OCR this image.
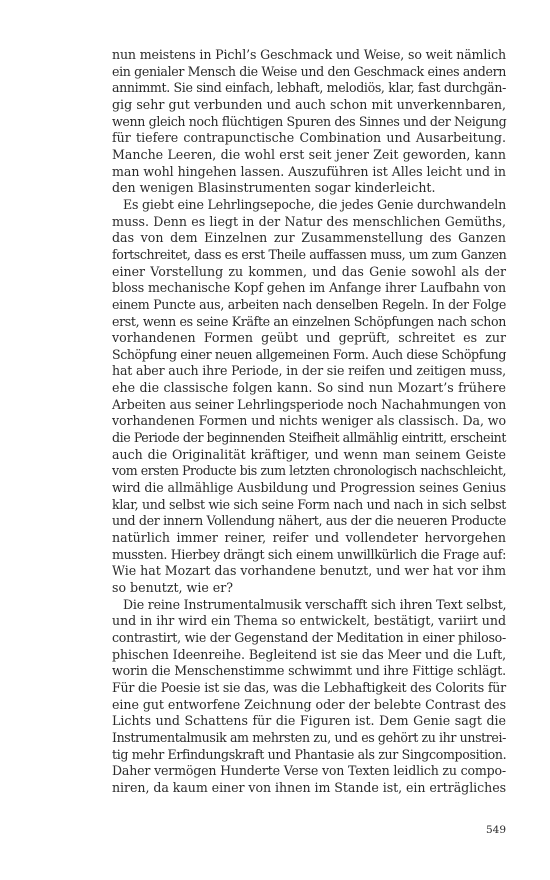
nun meistens in Pichl’s Geschmack und Weise, so weit nämlich
ein genialer Mensch die Weise und den Geschmack eines andern
annimmt. Sie sind einfach, lebhaft, melodiös, klar, fast durchgän-
gig sehr gut verbunden und auch schon mit unverkennbaren,
wenn gleich noch flüchtigen Spuren des Sinnes und der Neigung
für tiefere contrapunctische Combination und Ausarbeitung.
Manche Leeren, die wohl erst seit jener Zeit geworden, kann
man wohl hingehen lassen. Auszuführen ist Alles leicht und in
den wenigen Blasinstrumenten sogar kinderleicht.
Es giebt eine Lehrlingsepoche, die jedes Genie durchwandeln
muss. Denn es liegt in der Natur des menschlichen Gemüths,
das von dem Einzelnen zur Zusammenstellung des Ganzen
fortschreitet, dass es erst Theile auffassen muss, um zum Ganzen
einer Vorstellung zu kommen, und das Genie sowohl als der
bloss mechanische Kopf gehen im Anfange ihrer Laufbahn von
einem Puncte aus, arbeiten nach denselben Regeln. In der Folge
erst, wenn es seine Kräfte an einzelnen Schöpfungen nach schon
vorhandenen Formen geübt und geprüft, schreitet es zur
Schöpfung einer neuen allgemeinen Form. Auch diese Schöpfung
hat aber auch ihre Periode, in der sie reifen und zeitigen muss,
ehe die classische folgen kann. So sind nun Mozart’s frühere
Arbeiten aus seiner Lehrlingsperiode noch Nachahmungen von
vorhandenen Formen und nichts weniger als classisch. Da, wo
die Periode der beginnenden Steifheit allmählig eintritt, erscheint
auch die Originalität kräftiger, und wenn man seinem Geiste
vom ersten Producte bis zum letzten chronologisch nachschleicht,
wird die allmählige Ausbildung und Progression seines Genius
klar, und selbst wie sich seine Form nach und nach in sich selbst
und der innern Vollendung nähert, aus der die neueren Producte
natürlich immer reiner, reifer und vollendeter hervorgehen
mussten. Hierbey drängt sich einem unwillkürlich die Frage auf:
Wie hat Mozart das vorhandene benutzt, und wer hat vor ihm
so benutzt, wie er?
Die reine Instrumentalmusik verschafft sich ihren Text selbst,
und in ihr wird ein Thema so entwickelt, bestätigt, variirt und
contrastirt, wie der Gegenstand der Meditation in einer philoso-
phischen Ideenreihe. Begleitend ist sie das Meer und die Luft,
worin die Menschenstimme schwimmt und ihre Fittige schlägt.
Für die Poesie ist sie das, was die Lebhaftigkeit des Colorits für
eine gut entworfene Zeichnung oder der belebte Contrast des
Lichts und Schattens für die Figuren ist. Dem Genie sagt die
Instrumentalmusik am mehrsten zu, und es gehört zu ihr unstrei-
tig mehr Erfindungskraft und Phantasie als zur Singcomposition.
Daher vermögen Hunderte Verse von Texten leidlich zu compo-
niren, da kaum einer von ihnen im Stande ist, ein erträgliches
549
